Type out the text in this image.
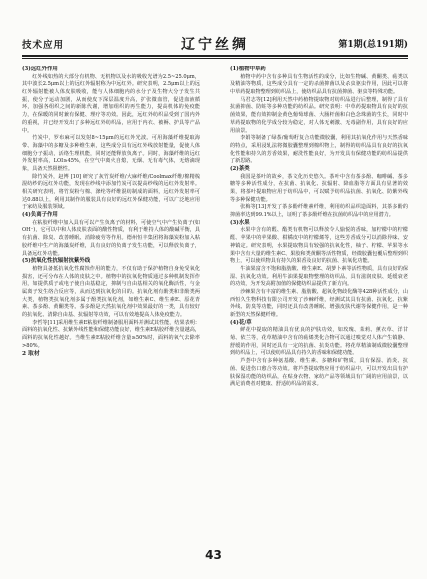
技术应用	辽宁丝绸	第1期(总191期)
(3)远红外作用

红外线如热的大部分有机物、无机物以及水的吸收光谱为2.5~25.0μm，其中波长2.5μm以上的远红外辐射称为中远红外。研究表明，2.5μm以上的远红外辐射能被人体皮肤吸收，能与人体细胞内的水分子及生物大分子发生共振，使分子运动加剧，从而使皮下深层温度升高，扩张微血管，促进血液循环，加强各组织之间的新陈代谢，增加组织的再生能力，提高机体的免疫能力，在保暖的同时兼有保健、理疗等功效。因此，远红外纺织品受到了国内外的重视，并已经开发出了多种远红外纺织品，应用于内衣、被褥、护具等产品中。

竹炭中，罗布麻可以发射8~15μm的远红外光波。可用海藻纤维提取海带、海藻中的多糖及多种维生素，这些成分具有远红外线放射能量，促使人体细胞分子振动，活络生理机能，同时还能释放负离子。同时，海藻纤维的远红外发射率高，LOI≥45%，在空气中离火自熄，无烟、无有毒气体，无熔滴现象，具备天然阻燃性。

除竹炭外，赵博 [10] 研究了灰竹炭纤维/大麻纤维/Coolmax纤维/棉精梳混纺纱的远红外功能，发现在纱线中添加竹炭可以提高纱线的远红外发射率。相关研究表明，将竹炭粉与棉、涤纶等纤维混纺制成的面料，远红外发射率可达0.88以上，利用其制作的服装具有良好的远红外保健功能，可以广泛地应用于家纺及服装领域。

(4)负离子作用

在粘胶纤维中加入具有可以产生负离子的材料，可使空气中产生负离子(如OH⁻)，它可以中和人体皮肤表面的酸性物质，有利于维持人体的酸碱平衡，具有抗菌、除臭、改善睡眠、消除疲劳等作用。德州恒丰集团将海藻炭粉加入粘胶纤维中生产的海藻炭纤维，具有良好的负离子发生功能，可以释放负离子，具备远红外功能。

(5)抗氧化性抗辐射抗紫外线

植物具备抵抗氧化性腐蚀作用的能力，不仅有助于保护植物自身免受氧化损害，还可分布在人体的皮肤之中。植物中的抗氧化物质通过多种机制发挥作用，如提供质子或电子使自由基稳定，抑制与自由基相关的氧化酶活性，与金属离子发生络合反应等，从而达到抗氧化的目的。抗氧化剂有酚类和非酚类两大类，植物类抗氧化剂多属于酚类抗氧化剂，如维生素C、维生素E、原花青素、茶多酚、黄酮类等。茶多酚是天然抗氧化剂中效果最好的一类，具有较好的抗氧化、清除自由基、抗辐射等功效，可以有效地提高人体免疫能力。

李哲等[11]采用维生素E粘胶纤维制备服用面料并测试其性能，结果表明：面料的抗氧化性、抗紫外线性能和保健功能良好，维生素E粘胶纤维含量越高，面料的抗氧化性越好。当维生素E粘胶纤维含量≥50%时，面料的氧气去除率>80%。

2 取材
(1)植物中草药

植物中药中含有多种具有生物活性的成分，比如生物碱、黄酮类、萜类以及精油等物质，这些成分具有一定的杀菌抑菌以及杀虫驱虫作用，因此可以将中草药提取物整理到纺织品上，使纺织品具有抗菌抑菌、驱虫等特殊功能。

马君志等[12]利用天然中药植物提取物对纺织品进行后整理，制得了具有抗菌抑菌、防蛀等多种功能的纺织品。研究表明：中草药提取物具有良好的抗菌效果，能有效抑制金黄色葡萄球菌、大肠杆菌和白色念珠菌的生长，同时中草药提取物的化学成分较为稳定，对人体无刺激、无毒副作用，具有良好的应用前景。

李娟等制备了绿茶/葡萄籽复合功能微胶囊，利用其抗氧化作用与天然香味的特点，采用浸轧法将微胶囊整理到棉织物上，制得的纺织品具有良好的抗氧化性能和持久的芳香效果，耐洗性能良好，为开发具有保健功能的纺织品提供了新思路。

(2)茶类

我国是茶叶的故乡，茶文化历史悠久。茶叶中含有茶多酚、咖啡碱、茶多糖等多种活性成分，在抗菌、抗氧化、抗辐射、降血脂等方面具有显著的效果，将茶叶提取物应用于纺织品中，可以赋予纺织品抗菌、抗氧化、防紫外线等多种保健功能。

张梅等[13]开发了茶多酚纤维素纤维，利用纺织品织造面料，其茶多酚的抑菌率达到99.1%以上，证明了茶多酚纤维在抗菌纺织品中的应用潜力。

(3)水果

水果中含有的醛、酯类有机物可以释放令人愉悦的香味，加柠檬中的柠檬醛、苹果中的苹果酸、柑橘皮中的柠檬烯等，这些芳香成分可以消除异味、安神镇定。研究表明，水果提取物具有较强的抗氧化性，柚子、柠檬、苹果等水果中含有大量的维生素C、果胶和类黄酮等活性物质，经微胶囊包覆后整理到织物上，可以使织物具有持久的果香及良好的抗菌、抗氧化功能。

牛油果富含不饱和脂肪酸、维生素E、胡萝卜素等活性物质，具有良好的保湿、抗氧化功效。利用牛油果提取物整理的纺织品，具有滋润皮肤、延缓衰老的功效，为开发高附加值的保健纺织品提供了新方向。

沙棘果含有丰富的维生素、脂肪酸、超氧化物歧化酶等428种活性成分，山西恒久生物科技有限公司开发了沙棘纤维，经测试其具有抗菌、抗氧化、抗紫外线、防臭等功能，同时还具有改善睡眠、增强皮肤代谢等保健作用，是一种新型的天然保健纤维。

(4)花/草

鲜花中提取的精油具有优良的护肤功效，如玫瑰、茉莉、薰衣草、洋甘菊、依兰等，花草精油中含有的萜烯类化合物可以通过嗅觉对人体产生镇静、舒缓的作用，同时还具有一定的抗菌、抗炎功能。将花草精油制成微胶囊整理到纺织品上，可以使纺织品具有持久的香味和保健功能。

芦荟中含有多种氨基酸、维生素、多糖和矿物质，具有保湿、消炎、抗菌、促进伤口愈合等功效。将芦荟提取物应用于纺织品中，可以开发出具有护肤保湿功能的纺织品，在贴身衣物、家纺产品等领域具有广阔的应用前景，以满足消费者对健康、舒适纺织品的需求。

43
